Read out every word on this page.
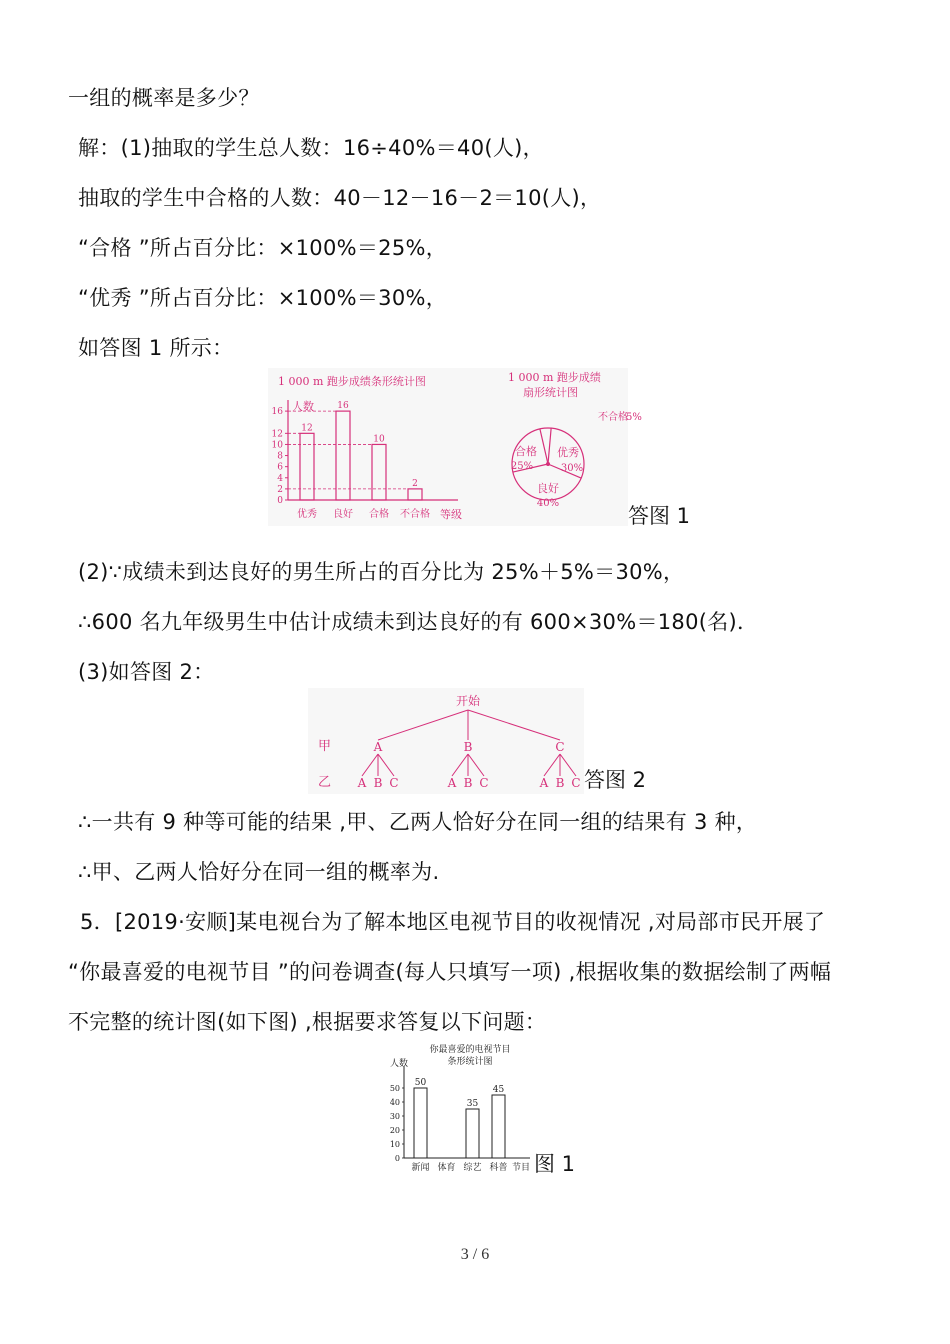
一组的概率是多少？
解：(1)抽取的学生总人数：16÷40%＝40(人)，
抽取的学生中合格的人数：40－12－16－2＝10(人)，
“合格 ”所占百分比：×100%＝25%，
“优秀 ”所占百分比：×100%＝30%，
如答图 1 所示：
1 000 m 跑步成绩条形统计图
人数
等级
0
2
4
6
8
10
12
16
12
优秀
16
良好
10
合格
2
不合格
1 000 m 跑步成绩
扇形统计图
优秀
30%
良好
40%
合格
25%
不合格
5%
答图 1
(2)∵成绩未到达良好的男生所占的百分比为 25%＋5%＝30%，
∴600 名九年级男生中估计成绩未到达良好的有 600×30%＝180(名)．
(3)如答图 2：
开始
甲
乙
A
A B C
B
A B C
C
A B C 答图 2
∴一共有 9 种等可能的结果 ,甲、乙两人恰好分在同一组的结果有 3 种，
∴甲、乙两人恰好分在同一组的概率为.
5．[2019·安顺]某电视台为了解本地区电视节目的收视情况 ,对局部市民开展了
“你最喜爱的电视节目 ”的问卷调查(每人只填写一项) ,根据收集的数据绘制了两幅
不完整的统计图(如下图) ,根据要求答复以下问题：
你最喜爱的电视节目
条形统计图
人数
节目
0
10
20
30
40
50
50
新闻 体育
35
综艺
45
科普 图 1
3 / 6
